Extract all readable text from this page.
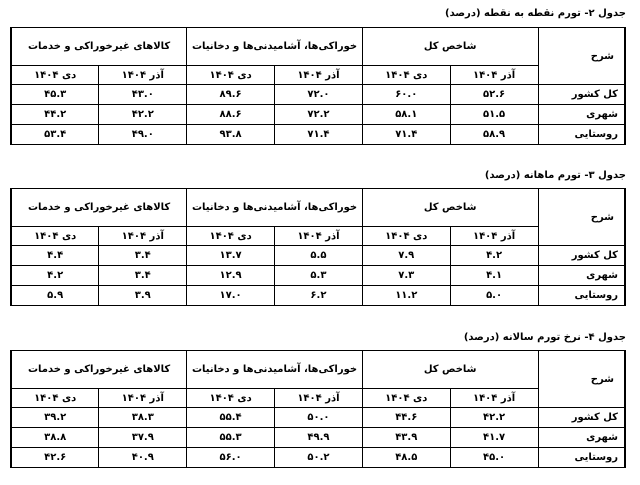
جدول ۲- تورم نقطه به نقطه (درصد)
شرح	شاخص کل		خوراکی‌ها، آشامیدنی‌ها و دخانیات		کالاهای غیرخوراکی و خدمات	
	آذر ۱۴۰۴	دی ۱۴۰۴	آذر ۱۴۰۴	دی ۱۴۰۴	آذر ۱۴۰۴	دی ۱۴۰۴
کل کشور	۵۲.۶	۶۰.۰	۷۲.۰	۸۹.۶	۴۳.۰	۴۵.۳
شهری	۵۱.۵	۵۸.۱	۷۲.۲	۸۸.۶	۴۲.۲	۴۴.۲
روستایی	۵۸.۹	۷۱.۴	۷۱.۴	۹۳.۸	۴۹.۰	۵۳.۴
جدول ۳- تورم ماهانه (درصد)
شرح	شاخص کل		خوراکی‌ها، آشامیدنی‌ها و دخانیات		کالاهای غیرخوراکی و خدمات	
	آذر ۱۴۰۴	دی ۱۴۰۴	آذر ۱۴۰۴	دی ۱۴۰۴	آذر ۱۴۰۴	دی ۱۴۰۴
کل کشور	۴.۲	۷.۹	۵.۵	۱۳.۷	۳.۴	۴.۴
شهری	۴.۱	۷.۳	۵.۳	۱۲.۹	۳.۴	۴.۲
روستایی	۵.۰	۱۱.۲	۶.۲	۱۷.۰	۳.۹	۵.۹
جدول ۴- نرخ تورم سالانه (درصد)
شرح	شاخص کل		خوراکی‌ها، آشامیدنی‌ها و دخانیات		کالاهای غیرخوراکی و خدمات	
	آذر ۱۴۰۴	دی ۱۴۰۴	آذر ۱۴۰۴	دی ۱۴۰۴	آذر ۱۴۰۴	دی ۱۴۰۴
کل کشور	۴۲.۲	۴۴.۶	۵۰.۰	۵۵.۴	۳۸.۳	۳۹.۲
شهری	۴۱.۷	۴۳.۹	۴۹.۹	۵۵.۳	۳۷.۹	۳۸.۸
روستایی	۴۵.۰	۴۸.۵	۵۰.۲	۵۶.۰	۴۰.۹	۴۲.۶
